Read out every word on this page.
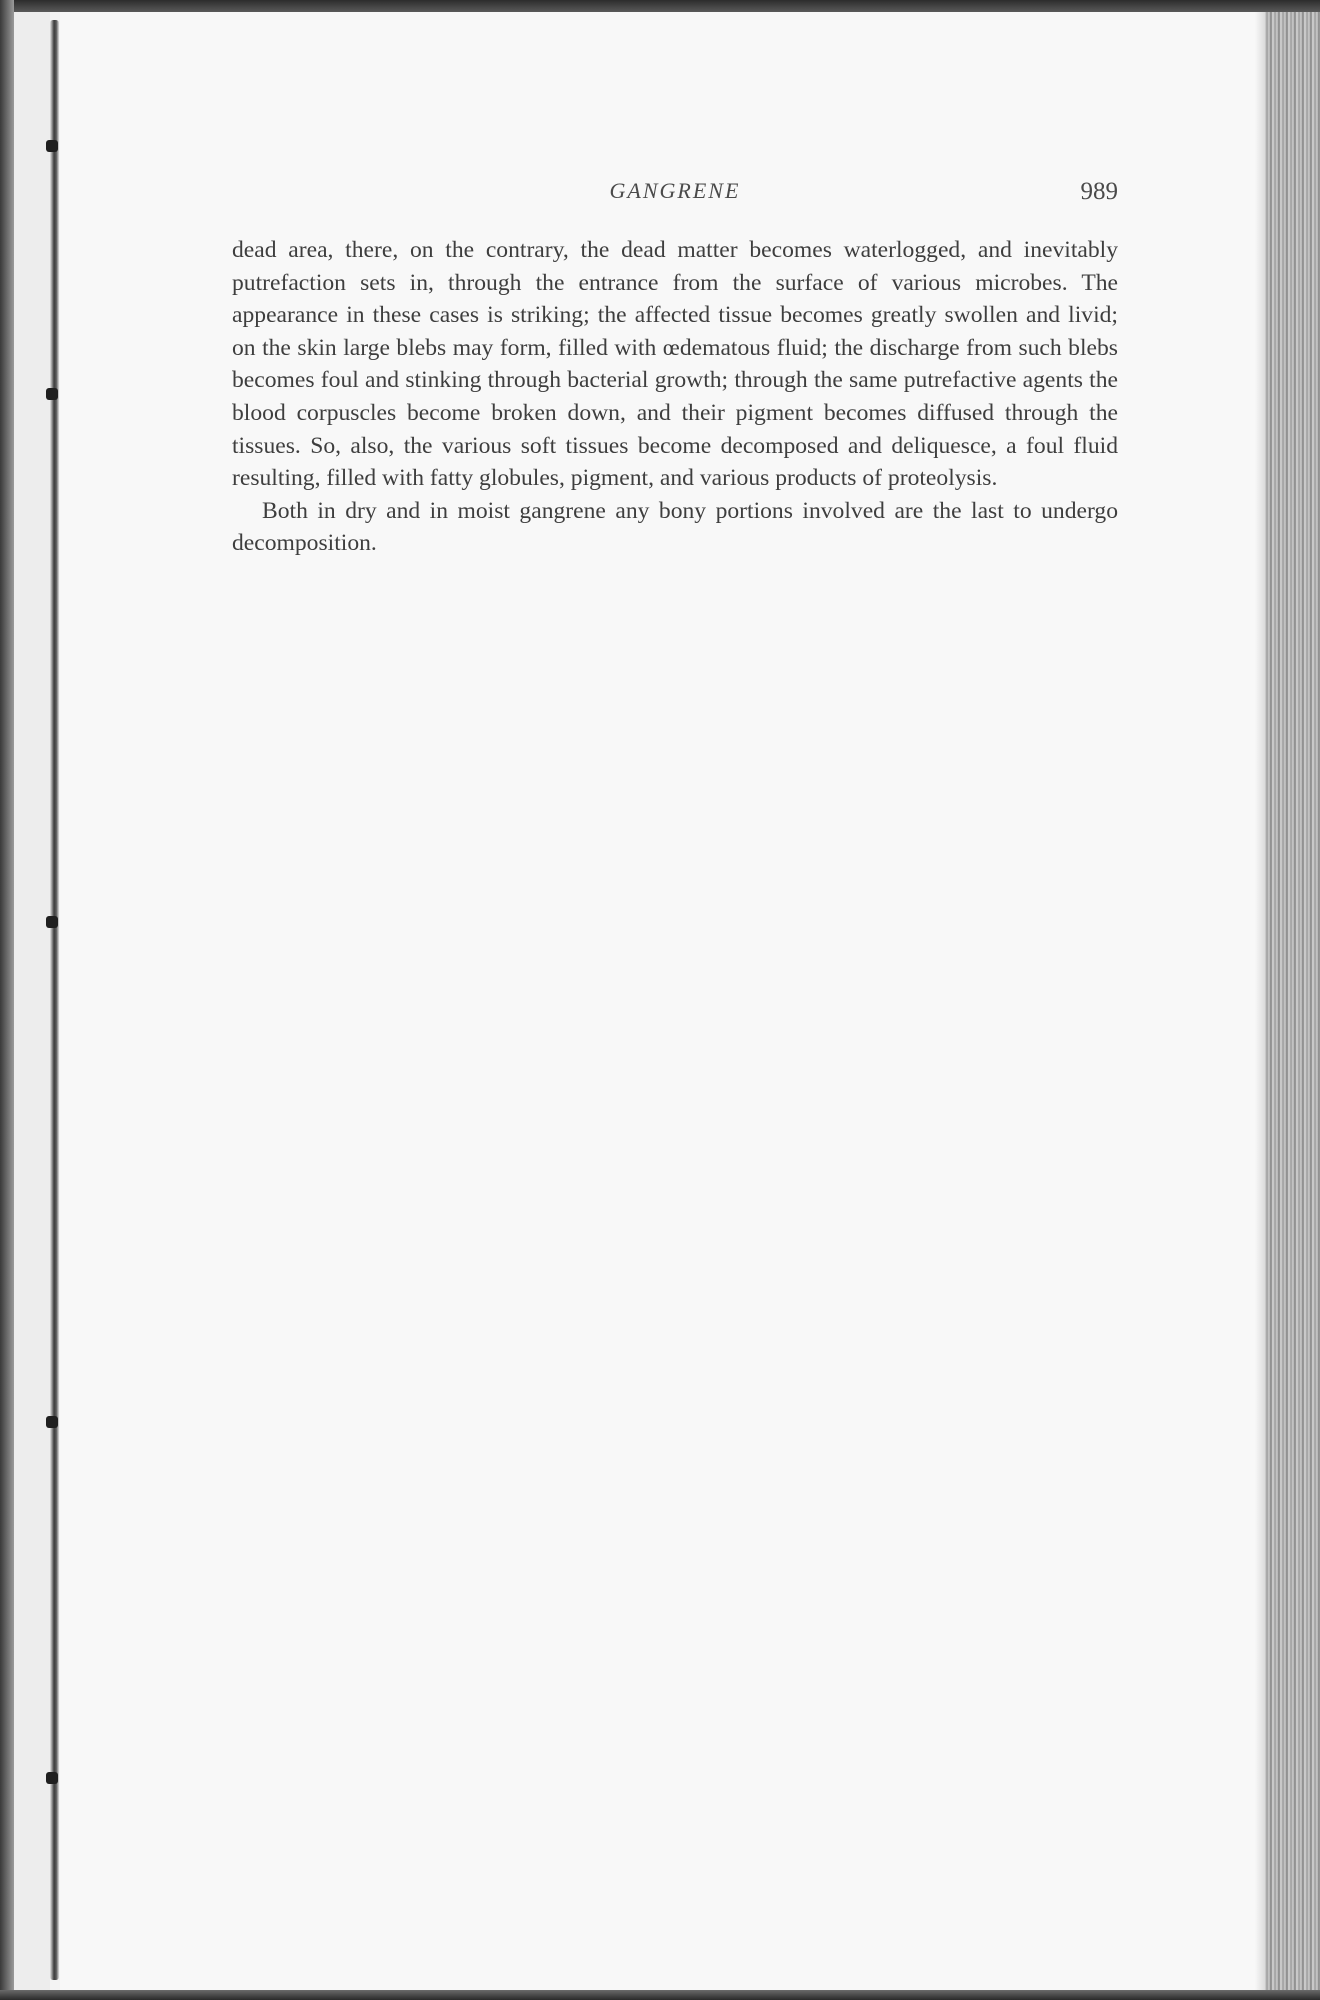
GANGRENE	989

dead area, there, on the contrary, the dead matter becomes waterlogged, and inevitably putrefaction sets in, through the entrance from the surface of various microbes. The appearance in these cases is striking; the affected tissue becomes greatly swollen and livid; on the skin large blebs may form, filled with œdematous fluid; the discharge from such blebs becomes foul and stinking through bacterial growth; through the same putrefactive agents the blood corpuscles become broken down, and their pigment becomes diffused through the tissues. So, also, the various soft tissues become decomposed and deliquesce, a foul fluid resulting, filled with fatty globules, pigment, and various products of proteolysis.

Both in dry and in moist gangrene any bony portions involved are the last to undergo decomposition.
